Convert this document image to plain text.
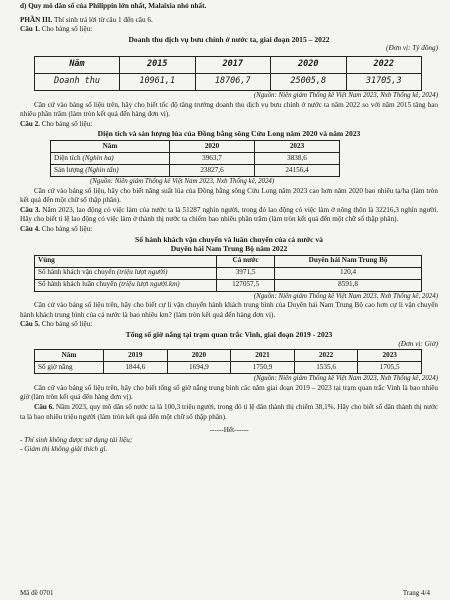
d) Quy mô dân số của Philippin lớn nhất, Malaixia nhỏ nhất.

PHẦN III. Thí sinh trả lời từ câu 1 đến câu 6.

Câu 1. Cho bảng số liệu:

Doanh thu dịch vụ bưu chính ở nước ta, giai đoạn 2015 – 2022

(Đơn vị: Tỷ đồng)

Năm	2015	2017	2020	2022
Doanh thu	10961,1	18706,7	25005,8	31705,3

(Nguồn: Niên giám Thống kê Việt Nam 2023, Nxb Thống kê, 2024)

Căn cứ vào bảng số liệu trên, hãy cho biết tốc độ tăng trưởng doanh thu dịch vụ bưu chính ở nước ta năm 2022 so với năm 2015 tăng bao nhiêu phần trăm (làm tròn kết quả đến hàng đơn vị).

Câu 2. Cho bảng số liệu:

Diện tích và sản lượng lúa của Đồng bằng sông Cửu Long năm 2020 và năm 2023

Năm	2020	2023
Diện tích (Nghìn ha)	3963,7	3838,6
Sản lượng (Nghìn tấn)	23827,6	24156,4

(Nguồn: Niên giám Thống kê Việt Nam 2023, Nxb Thống kê, 2024)

Căn cứ vào bảng số liệu, hãy cho biết năng suất lúa của Đồng bằng sông Cửu Long năm 2023 cao hơn năm 2020 bao nhiêu tạ/ha (làm tròn kết quả đến một chữ số thập phân).

Câu 3. Năm 2023, lao động có việc làm của nước ta là 51287 nghìn người, trong đó lao động có việc làm ở nông thôn là 32216,3 nghìn người. Hãy cho biết tỉ lệ lao động có việc làm ở thành thị nước ta chiếm bao nhiêu phần trăm (làm tròn kết quả đến một chữ số thập phân).

Câu 4. Cho bảng số liệu:

Số hành khách vận chuyển và luân chuyển của cả nước và

Duyên hải Nam Trung Bộ năm 2022

Vùng	Cả nước	Duyên hải Nam Trung Bộ
Số hành khách vận chuyển (triệu lượt người)	3971,5	120,4
Số hành khách luân chuyển (triệu lượt người.km)	127057,5	8591,8

(Nguồn: Niên giám Thống kê Việt Nam 2023, Nxb Thống kê, 2024)

Căn cứ vào bảng số liệu trên, hãy cho biết cự li vận chuyển hành khách trung bình của Duyên hải Nam Trung Bộ cao hơn cự li vận chuyển hành khách trung bình của cả nước là bao nhiêu km? (làm tròn kết quả đến hàng đơn vị).

Câu 5. Cho bảng số liệu:

Tổng số giờ nắng tại trạm quan trắc Vinh, giai đoạn 2019 - 2023

(Đơn vị: Giờ)

Năm	2019	2020	2021	2022	2023
Số giờ nắng	1844,6	1694,9	1750,9	1535,6	1705,5

(Nguồn: Niên giám Thống kê Việt Nam 2023, Nxb Thống kê, 2024)

Căn cứ vào bảng số liệu trên, hãy cho biết tổng số giờ nắng trung bình các năm giai đoạn 2019 – 2023 tại trạm quan trắc Vinh là bao nhiêu giờ (làm tròn kết quả đến hàng đơn vị).

Câu 6. Năm 2023, quy mô dân số nước ta là 100,3 triệu người, trong đó tỉ lệ dân thành thị chiếm 38,1%. Hãy cho biết số dân thành thị nước ta là bao nhiêu triệu người (làm tròn kết quả đến một chữ số thập phân).

------Hết------

- Thí sinh không được sử dụng tài liệu;

- Giám thị không giải thích gì.

Mã đề 0701	Trang 4/4
